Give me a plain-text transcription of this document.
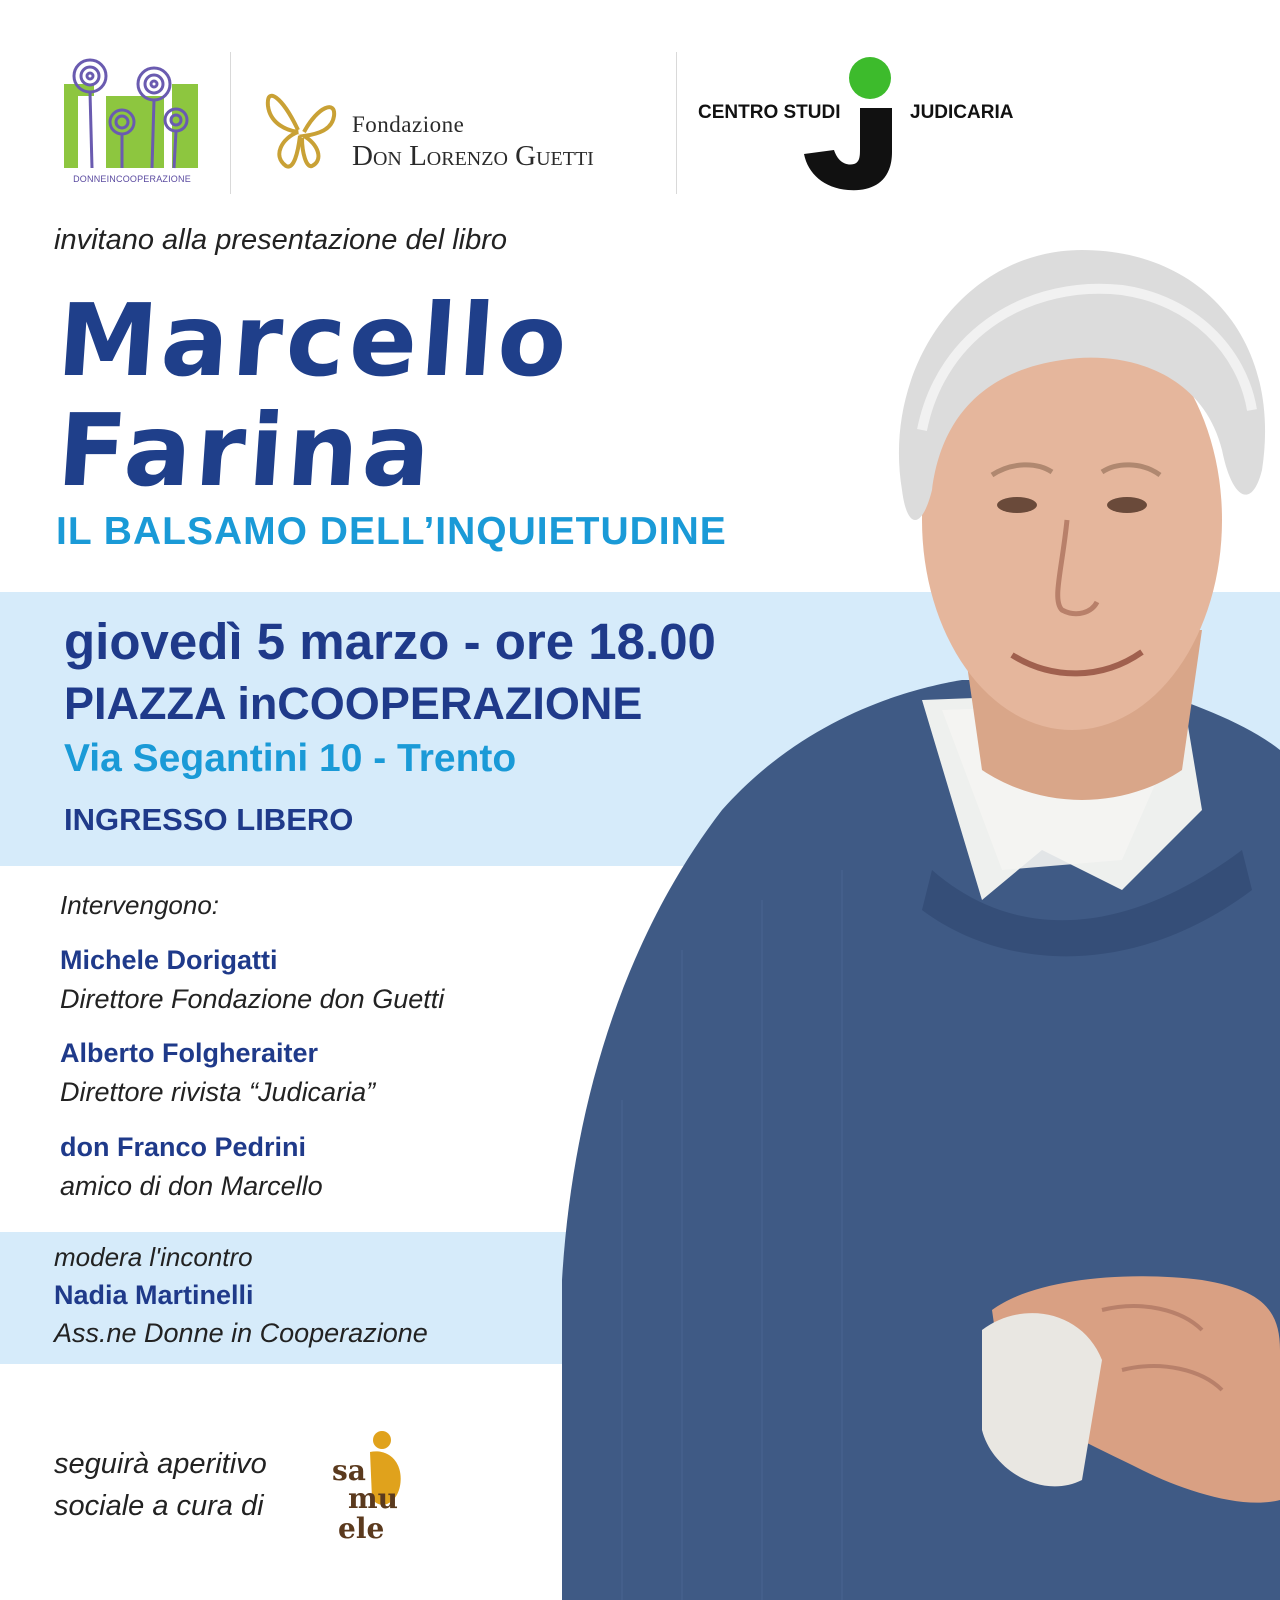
DONNEINCOOPERAZIONE
Fondazione
Don Lorenzo Guetti
CENTRO STUDI	JUDICARIA
invitano alla presentazione del libro
Marcello
Farina
IL BALSAMO DELL’INQUIETUDINE
giovedì 5 marzo - ore 18.00
PIAZZA inCOOPERAZIONE
Via Segantini 10 - Trento
INGRESSO LIBERO
Intervengono:
Michele Dorigatti
Direttore Fondazione don Guetti
Alberto Folgheraiter
Direttore rivista “Judicaria”
don Franco Pedrini
amico di don Marcello
modera l'incontro
Nadia Martinelli
Ass.ne Donne in Cooperazione
seguirà aperitivo
sociale a cura di
sa
mu
ele
